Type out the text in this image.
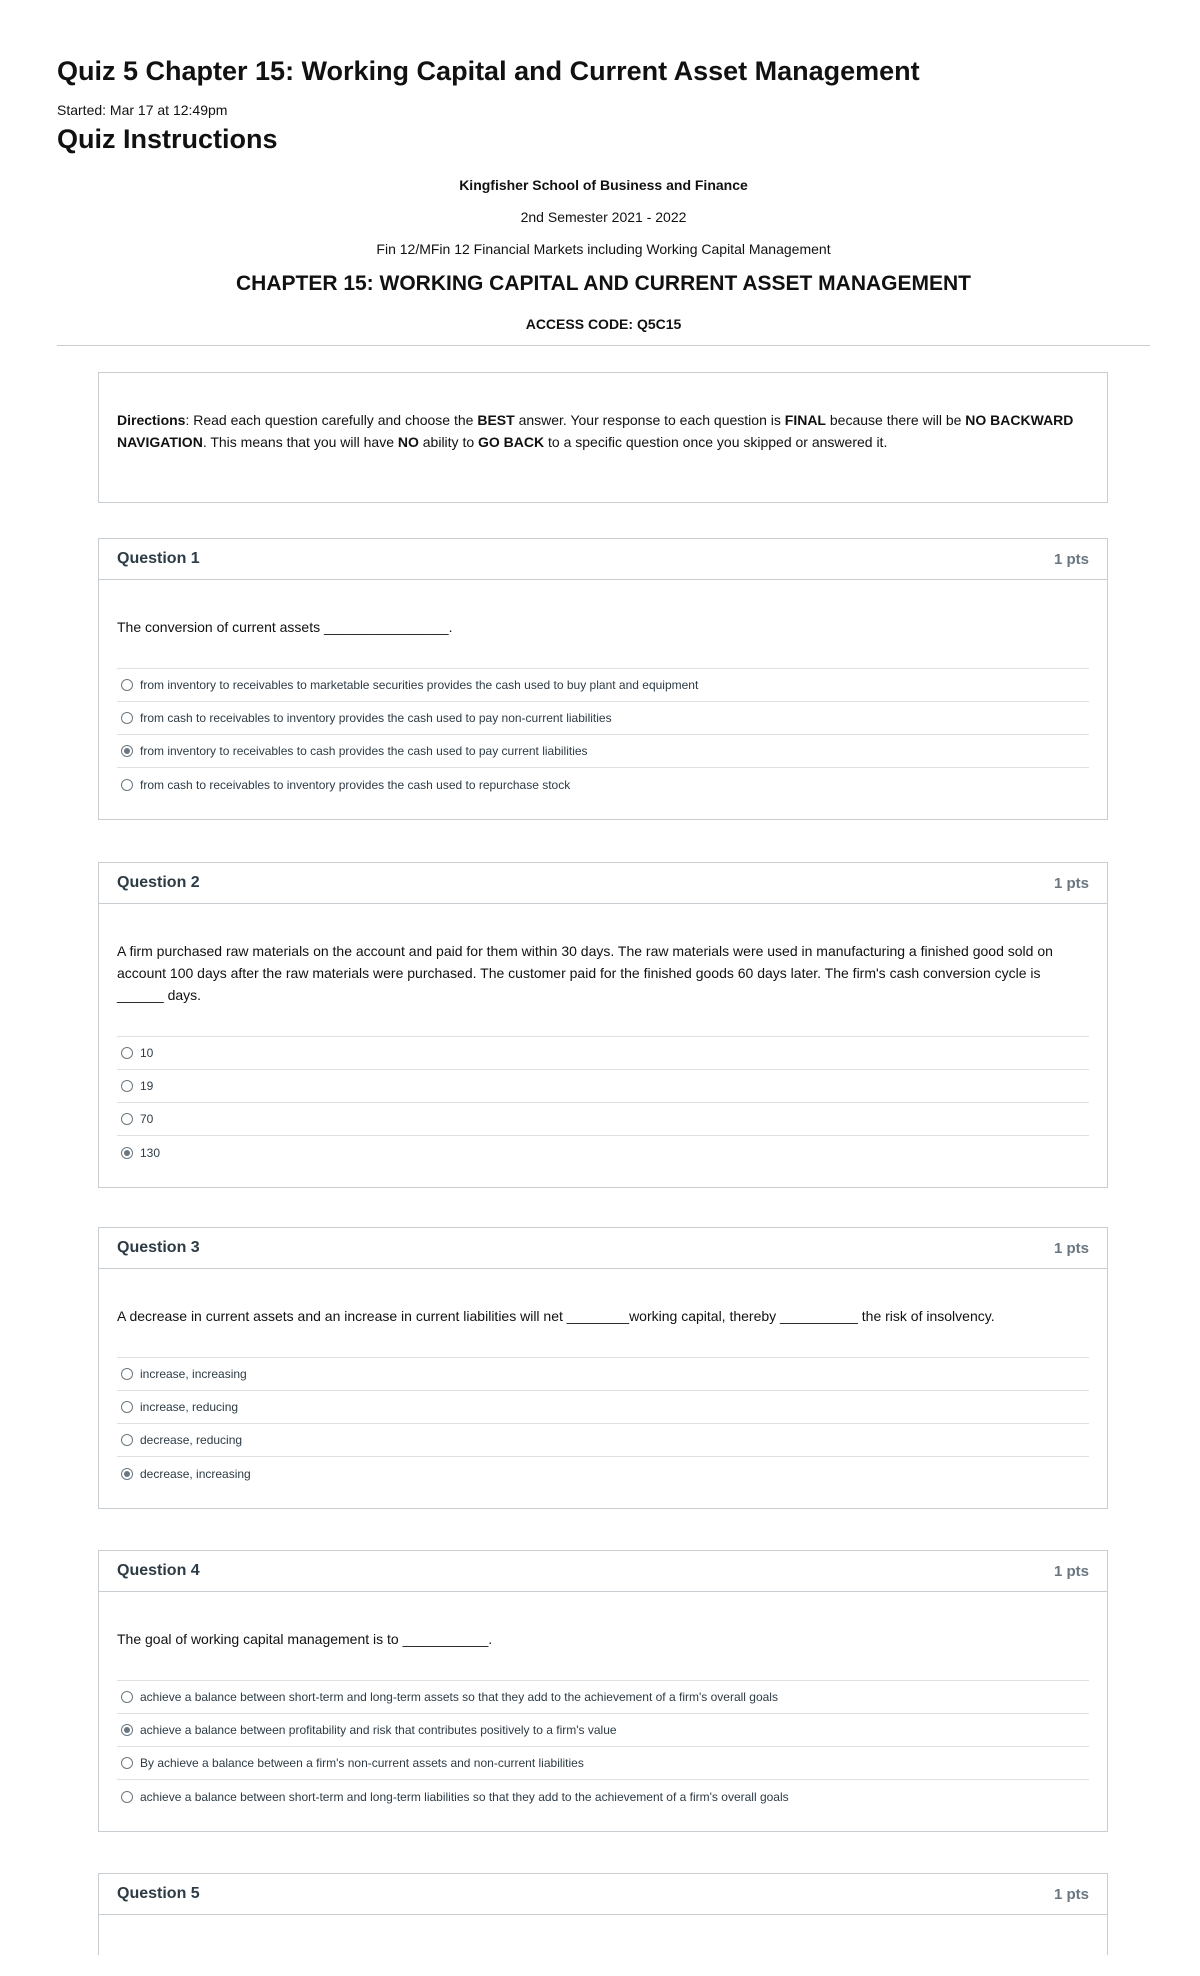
Quiz 5 Chapter 15: Working Capital and Current Asset Management
Started: Mar 17 at 12:49pm
Quiz Instructions
Kingfisher School of Business and Finance
2nd Semester 2021 - 2022
Fin 12/MFin 12 Financial Markets including Working Capital Management
CHAPTER 15: WORKING CAPITAL AND CURRENT ASSET MANAGEMENT
ACCESS CODE: Q5C15
Directions: Read each question carefully and choose the BEST answer. Your response to each question is FINAL because there will be NO BACKWARD NAVIGATION. This means that you will have NO ability to GO BACK to a specific question once you skipped or answered it.
Question 1	1 pts
The conversion of current assets ________________.
from inventory to receivables to marketable securities provides the cash used to buy plant and equipment
from cash to receivables to inventory provides the cash used to pay non-current liabilities
from inventory to receivables to cash provides the cash used to pay current liabilities
from cash to receivables to inventory provides the cash used to repurchase stock
Question 2	1 pts
A firm purchased raw materials on the account and paid for them within 30 days. The raw materials were used in manufacturing a finished good sold on account 100 days after the raw materials were purchased. The customer paid for the finished goods 60 days later. The firm's cash conversion cycle is ______ days.
10
19
70
130
Question 3	1 pts
A decrease in current assets and an increase in current liabilities will net ________working capital, thereby __________ the risk of insolvency.
increase, increasing
increase, reducing
decrease, reducing
decrease, increasing
Question 4	1 pts
The goal of working capital management is to ___________.
achieve a balance between short-term and long-term assets so that they add to the achievement of a firm's overall goals
achieve a balance between profitability and risk that contributes positively to a firm's value
By achieve a balance between a firm's non-current assets and non-current liabilities
achieve a balance between short-term and long-term liabilities so that they add to the achievement of a firm's overall goals
Question 5	1 pts
